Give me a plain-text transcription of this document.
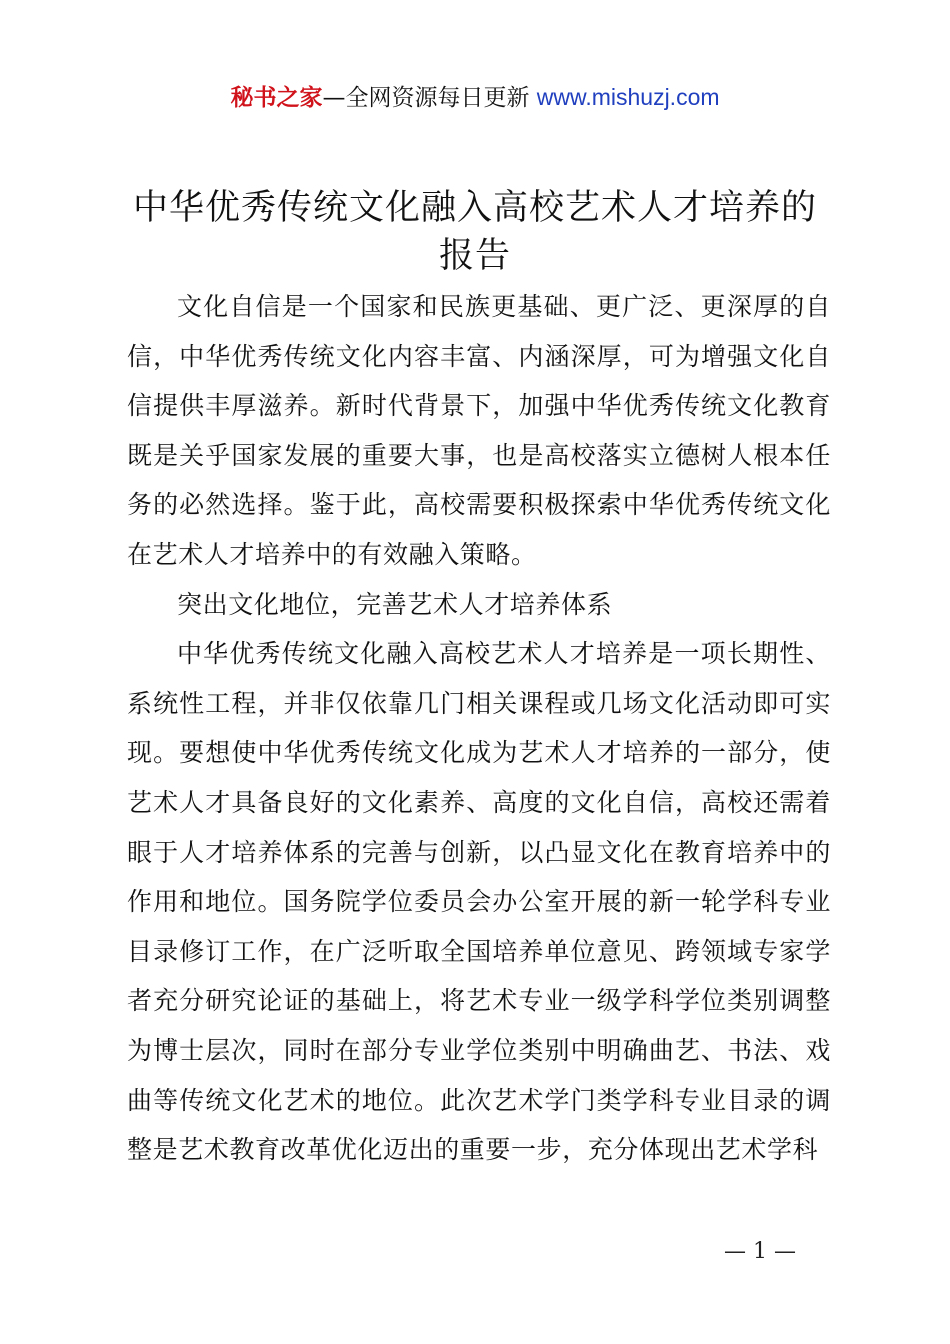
秘书之家—全网资源每日更新 www.mishuzj.com
中华优秀传统文化融入高校艺术人才培养的报告

文化自信是一个国家和民族更基础、更广泛、更深厚的自信，中华优秀传统文化内容丰富、内涵深厚，可为增强文化自信提供丰厚滋养。新时代背景下，加强中华优秀传统文化教育既是关乎国家发展的重要大事，也是高校落实立德树人根本任务的必然选择。鉴于此，高校需要积极探索中华优秀传统文化在艺术人才培养中的有效融入策略。

突出文化地位，完善艺术人才培养体系

中华优秀传统文化融入高校艺术人才培养是一项长期性、系统性工程，并非仅依靠几门相关课程或几场文化活动即可实现。要想使中华优秀传统文化成为艺术人才培养的一部分，使艺术人才具备良好的文化素养、高度的文化自信，高校还需着眼于人才培养体系的完善与创新，以凸显文化在教育培养中的作用和地位。国务院学位委员会办公室开展的新一轮学科专业目录修订工作，在广泛听取全国培养单位意见、跨领域专家学者充分研究论证的基础上，将艺术专业一级学科学位类别调整为博士层次，同时在部分专业学位类别中明确曲艺、书法、戏曲等传统文化艺术的地位。此次艺术学门类学科专业目录的调整是艺术教育改革优化迈出的重要一步，充分体现出艺术学科

— 1 —
